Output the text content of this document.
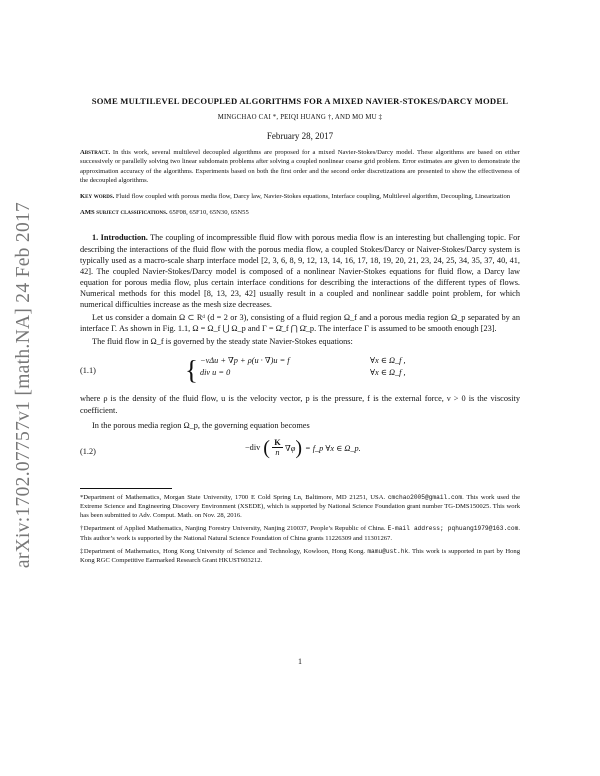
arXiv:1702.07757v1 [math.NA] 24 Feb 2017
SOME MULTILEVEL DECOUPLED ALGORITHMS FOR A MIXED NAVIER-STOKES/DARCY MODEL
MINGCHAO CAI *, PEIQI HUANG †, AND MO MU ‡
February 28, 2017
Abstract. In this work, several multilevel decoupled algorithms are proposed for a mixed Navier-Stokes/Darcy model. These algorithms are based on either successively or parallelly solving two linear subdomain problems after solving a coupled nonlinear coarse grid problem. Error estimates are given to demonstrate the approximation accuracy of the algorithms. Experiments based on both the first order and the second order discretizations are presented to show the effectiveness of the decoupled algorithms.
Key words. Fluid flow coupled with porous media flow, Darcy law, Navier-Stokes equations, Interface coupling, Multilevel algorithm, Decoupling, Linearization
AMS subject classifications. 65F08, 65F10, 65N30, 65N55
1. Introduction. The coupling of incompressible fluid flow with porous media flow is an interesting but challenging topic. For describing the interactions of the fluid flow with the porous media flow, a coupled Stokes/Darcy or Naiver-Stokes/Darcy system is typically used as a macro-scale sharp interface model [2, 3, 6, 8, 9, 12, 13, 14, 16, 17, 18, 19, 20, 21, 23, 24, 25, 34, 35, 37, 40, 41, 42]. The coupled Navier-Stokes/Darcy model is composed of a nonlinear Navier-Stokes equations for fluid flow, a Darcy law equation for porous media flow, plus certain interface conditions for describing the interactions of the different types of flows. Numerical methods for this model [8, 13, 23, 42] usually result in a coupled and nonlinear saddle point problem, for which numerical difficulties increase as the mesh size decreases.
Let us consider a domain Ω ⊂ Rᵈ (d = 2 or 3), consisting of a fluid region Ω_f and a porous media region Ω_p separated by an interface Γ. As shown in Fig. 1.1, Ω = Ω_f ⋃ Ω_p and Γ = Ω̄_f ⋂ Ω̄_p. The interface Γ is assumed to be smooth enough [23].
The fluid flow in Ω_f is governed by the steady state Navier-Stokes equations:
(1.1)	{ −νΔu + ∇p + ρ(u · ∇)u = f	∀x ∈ Ω_f ,
div u = 0	∀x ∈ Ω_f ,
where ρ is the density of the fluid flow, u is the velocity vector, p is the pressure, f is the external force, ν > 0 is the viscosity coefficient.
In the porous media region Ω_p, the governing equation becomes
(1.2)	−div ( $\frac{K}{n} \nabla\varphi$ ) = f_p ∀x ∈ Ω_p.
*Department of Mathematics, Morgan State University, 1700 E Cold Spring Ln, Baltimore, MD 21251, USA. cmchao2005@gmail.com. This work used the Extreme Science and Engineering Discovery Environment (XSEDE), which is supported by National Science Foundation grant number TG-DMS150025. This work has been submitted to Adv. Comput. Math. on Nov. 28, 2016.
†Department of Applied Mathematics, Nanjing Forestry University, Nanjing 210037, People’s Republic of China. E-mail address; pqhuang1979@163.com. This author’s work is supported by the National Natural Science Foundation of China grants 11226309 and 11301267.
‡Department of Mathematics, Hong Kong University of Science and Technology, Kowloon, Hong Kong. mamu@ust.hk. This work is supported in part by Hong Kong RGC Competitive Earmarked Research Grant HKUST603212.
1
